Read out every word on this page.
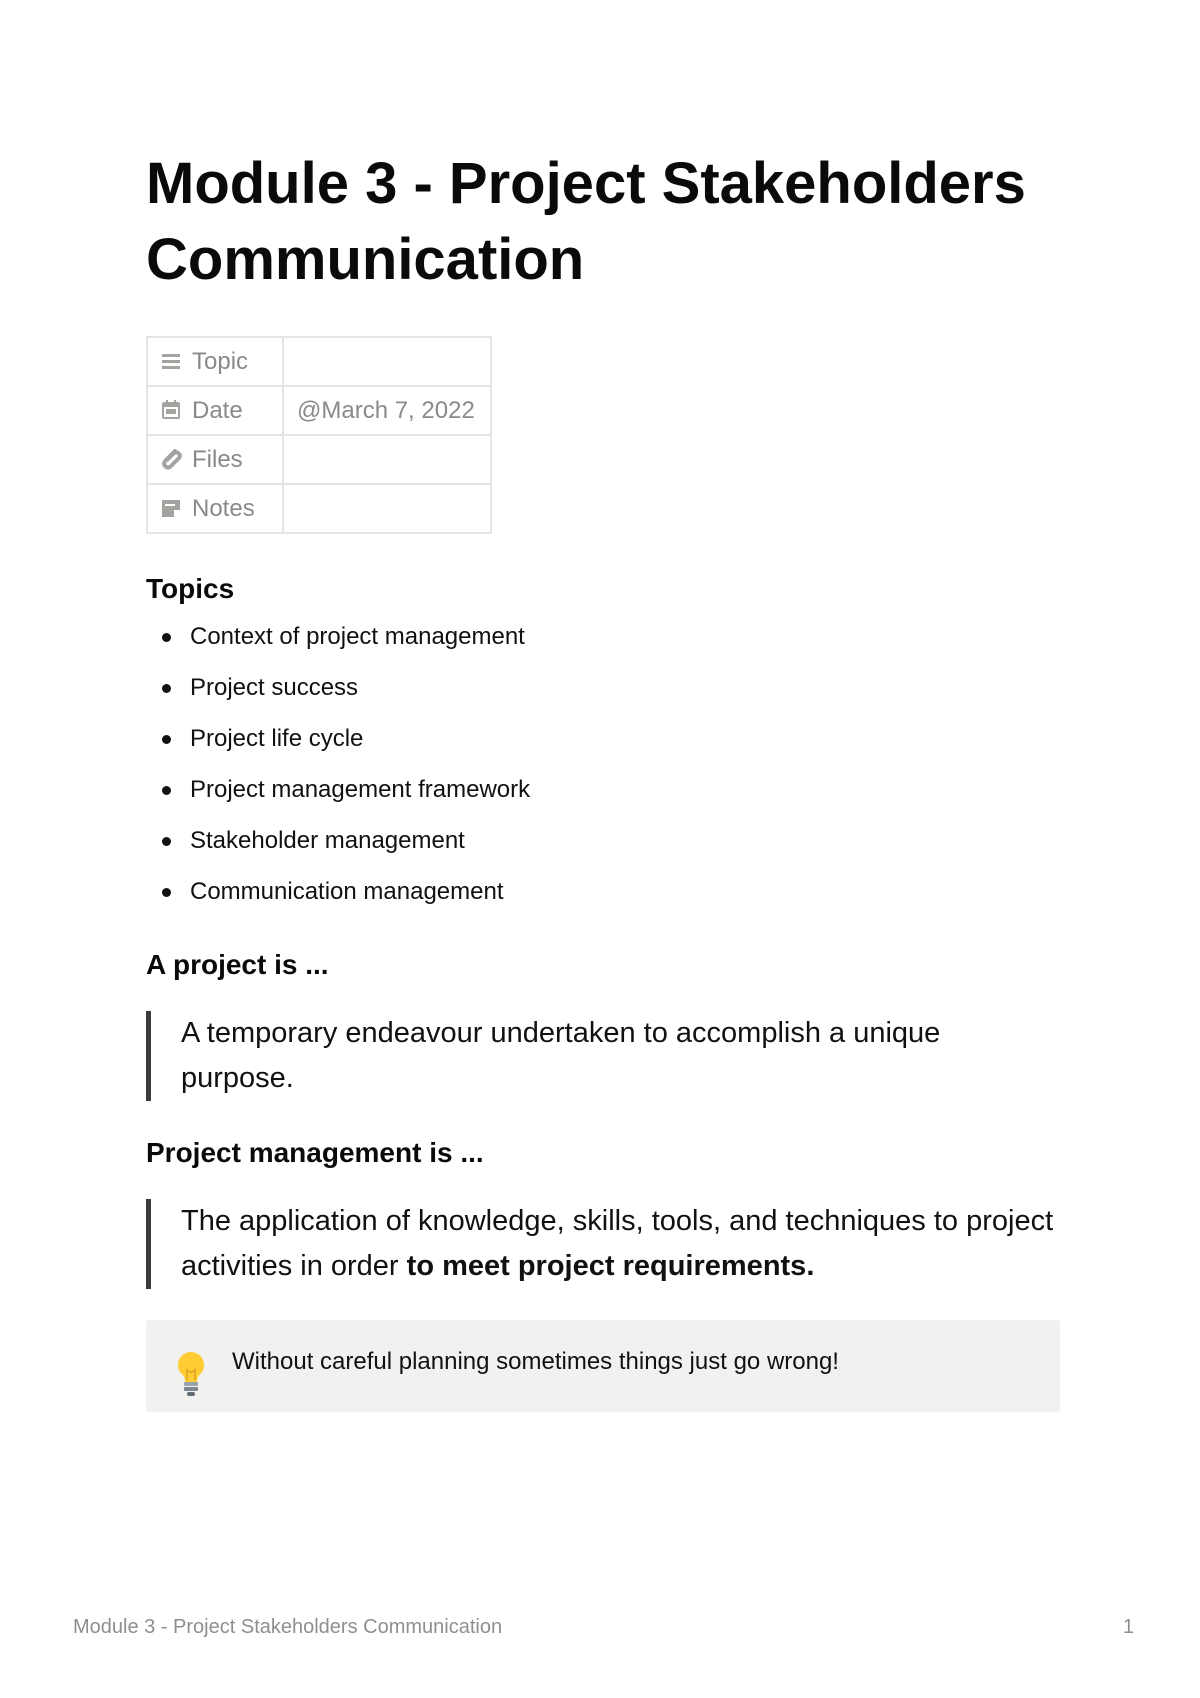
Module 3 - Project Stakeholders Communication
Topic	
Date	@March 7, 2022
Files	
Notes	
Topics
Context of project management
Project success
Project life cycle
Project management framework
Stakeholder management
Communication management
A project is ...
A temporary endeavour undertaken to accomplish a unique purpose.
Project management is ...
The application of knowledge, skills, tools, and techniques to project activities in order to meet project requirements.
Without careful planning sometimes things just go wrong!
Module 3 - Project Stakeholders Communication	1
